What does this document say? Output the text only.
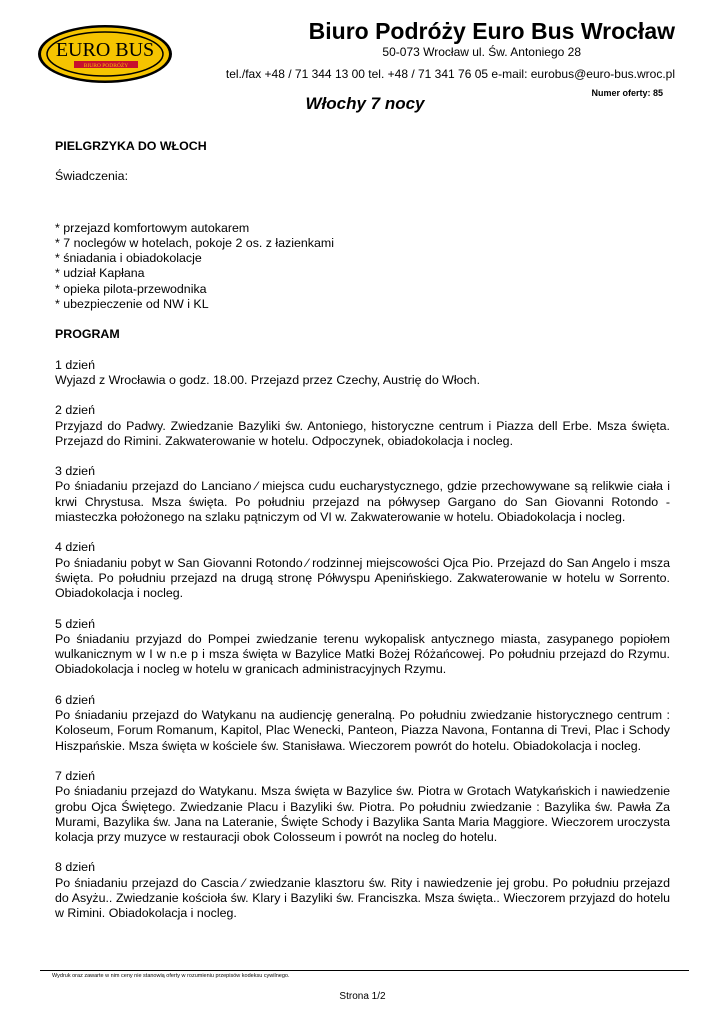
EURO BUS
BIURO PODRÓŻY
Biuro Podróży Euro Bus Wrocław
50-073 Wrocław ul. Św. Antoniego 28
tel./fax +48 / 71 344 13 00 tel. +48 / 71 341 76 05 e-mail: eurobus@euro-bus.wroc.pl
Włochy 7 nocy
Numer oferty: 85

PIELGRZYKA DO WŁOCH

Świadczenia:

* przejazd komfortowym autokarem

* 7 noclegów w hotelach, pokoje 2 os. z łazienkami

* śniadania i obiadokolacje

* udział Kapłana

* opieka pilota-przewodnika

* ubezpieczenie od NW i KL

PROGRAM

1 dzień

Wyjazd z Wrocławia o godz. 18.00. Przejazd przez Czechy, Austrię do Włoch.

2 dzień

Przyjazd do Padwy. Zwiedzanie Bazyliki św. Antoniego, historyczne centrum i Piazza dell Erbe. Msza święta. Przejazd do Rimini. Zakwaterowanie w hotelu. Odpoczynek, obiadokolacja i nocleg.

3 dzień

Po śniadaniu przejazd do Lanciano ⁄ miejsca cudu eucharystycznego, gdzie przechowywane są relikwie ciała i krwi Chrystusa. Msza święta. Po południu przejazd na półwysep Gargano do San Giovanni Rotondo - miasteczka położonego na szlaku pątniczym od VI w. Zakwaterowanie w hotelu. Obiadokolacja i nocleg.

4 dzień

Po śniadaniu pobyt w San Giovanni Rotondo ⁄ rodzinnej miejscowości Ojca Pio. Przejazd do San Angelo i msza święta. Po południu przejazd na drugą stronę Półwyspu Apenińskiego. Zakwaterowanie w hotelu w Sorrento. Obiadokolacja i nocleg.

5 dzień

Po śniadaniu przyjazd do Pompei zwiedzanie terenu wykopalisk antycznego miasta, zasypanego popiołem wulkanicznym w I w n.e p i msza święta w Bazylice Matki Bożej Różańcowej. Po południu przejazd do Rzymu. Obiadokolacja i nocleg w hotelu w granicach administracyjnych Rzymu.

6 dzień

Po śniadaniu przejazd do Watykanu na audiencję generalną. Po południu zwiedzanie historycznego centrum : Koloseum, Forum Romanum, Kapitol, Plac Wenecki, Panteon, Piazza Navona, Fontanna di Trevi, Plac i Schody Hiszpańskie. Msza święta w kościele św. Stanisława. Wieczorem powrót do hotelu. Obiadokolacja i nocleg.

7 dzień

Po śniadaniu przejazd do Watykanu. Msza święta w Bazylice św. Piotra w Grotach Watykańskich i nawiedzenie grobu Ojca Świętego. Zwiedzanie Placu i Bazyliki św. Piotra. Po południu zwiedzanie : Bazylika św. Pawła Za Murami, Bazylika św. Jana na Lateranie, Święte Schody i Bazylika Santa Maria Maggiore. Wieczorem uroczysta kolacja przy muzyce w restauracji obok Colosseum i powrót na nocleg do hotelu.

8 dzień

Po śniadaniu przejazd do Cascia ⁄ zwiedzanie klasztoru św. Rity i nawiedzenie jej grobu. Po południu przejazd do Asyżu.. Zwiedzanie kościoła św. Klary i Bazyliki św. Franciszka. Msza święta.. Wieczorem przyjazd do hotelu w Rimini. Obiadokolacja i nocleg.

Wydruk oraz zawarte w nim ceny nie stanowią oferty w rozumieniu przepisów kodeksu cywilnego.
Strona 1/2
